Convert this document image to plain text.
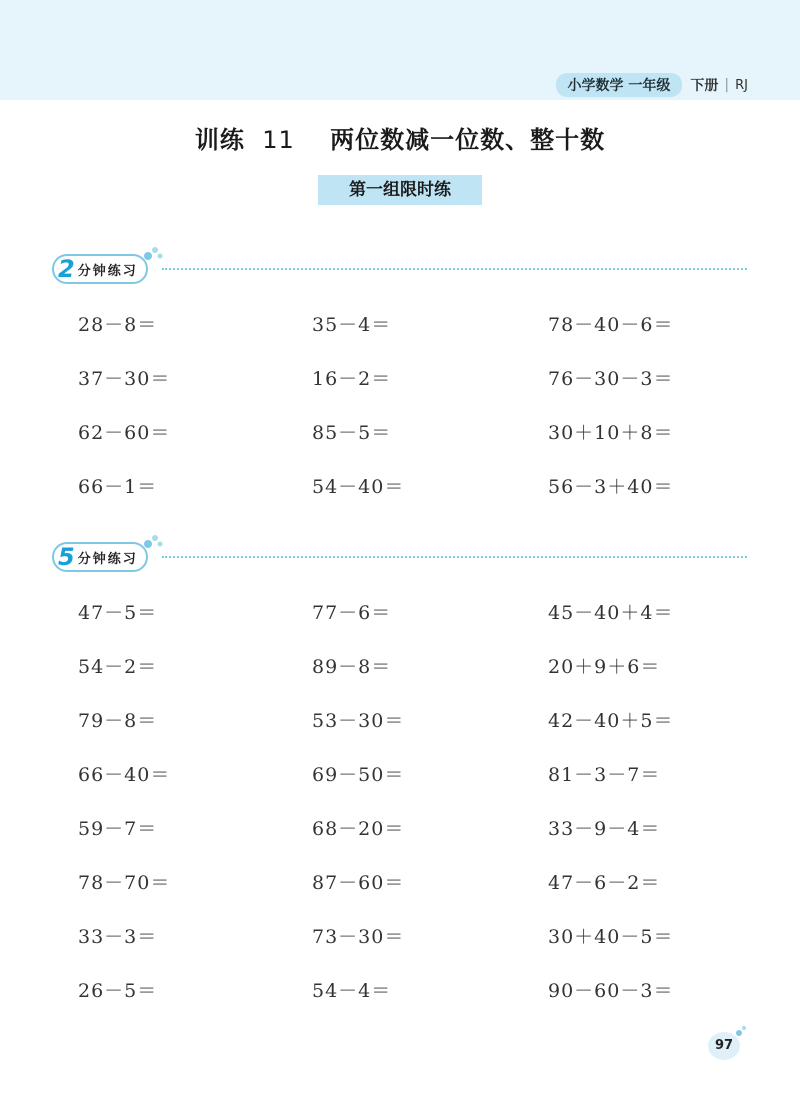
小学数学 一年级	下册 | RJ
训练 11 两位数减一位数、整十数
第一组限时练
2 分钟练习
28－8＝
37－30＝
62－60＝
66－1＝
35－4＝
16－2＝
85－5＝
54－40＝
78－40－6＝
76－30－3＝
30＋10＋8＝
56－3＋40＝
5 分钟练习
47－5＝
54－2＝
79－8＝
66－40＝
59－7＝
78－70＝
33－3＝
26－5＝
77－6＝
89－8＝
53－30＝
69－50＝
68－20＝
87－60＝
73－30＝
54－4＝
45－40＋4＝
20＋9＋6＝
42－40＋5＝
81－3－7＝
33－9－4＝
47－6－2＝
30＋40－5＝
90－60－3＝
97
